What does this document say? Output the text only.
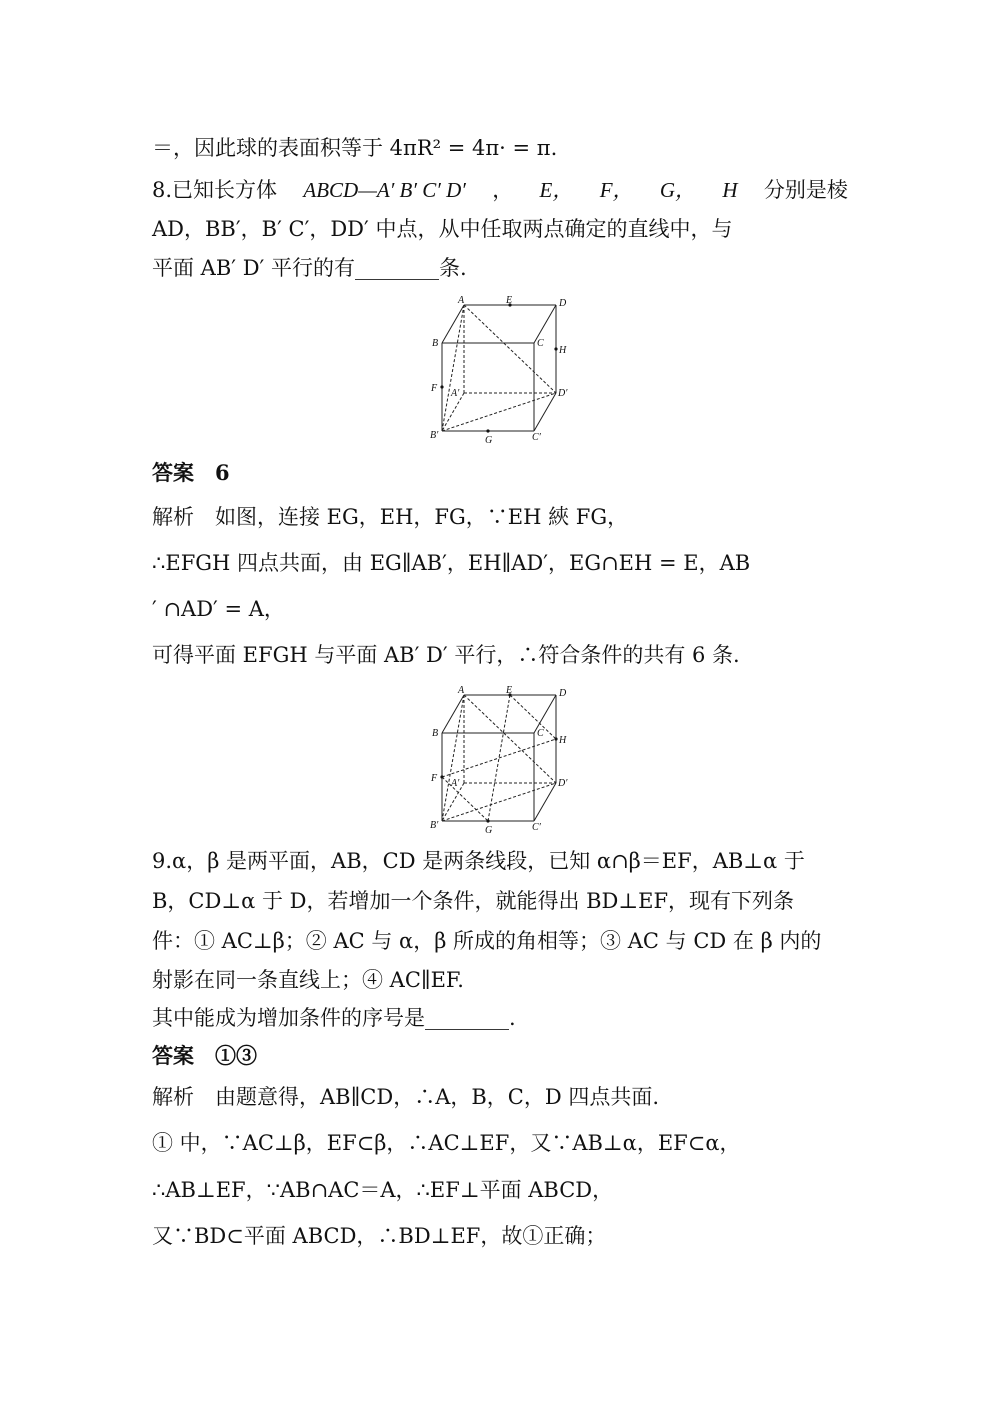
＝，因此球的表面积等于 4πR² = 4π· = π.
8.已知长方体 ABCD—A′ B′ C′ D′ ， E， F， G， H 分别是棱
AD，BB′，B′ C′，DD′ 中点，从中任取两点确定的直线中，与
平面 AB′ D′ 平行的有________条.
A	E	D
B	C
H
F A′	D′
B′	G	C′
答案　6
解析　如图，连接 EG，EH，FG，∵EH 綊 FG，
∴EFGH 四点共面，由 EG∥AB′，EH∥AD′，EG∩EH = E，AB
′ ∩AD′ = A，
可得平面 EFGH 与平面 AB′ D′ 平行，∴符合条件的共有 6 条.
A	E	D
B	C
H
F A′	D′
B′	G	C′
9.α，β 是两平面，AB，CD 是两条线段，已知 α∩β＝EF，AB⊥α 于
B，CD⊥α 于 D，若增加一个条件，就能得出 BD⊥EF，现有下列条
件：① AC⊥β；② AC 与 α，β 所成的角相等；③ AC 与 CD 在 β 内的
射影在同一条直线上；④ AC∥EF.
其中能成为增加条件的序号是________.
答案　①③
解析　由题意得，AB∥CD，∴A，B，C，D 四点共面.
① 中，∵AC⊥β，EF⊂β，∴AC⊥EF，又∵AB⊥α，EF⊂α，
∴AB⊥EF，∵AB∩AC＝A，∴EF⊥平面 ABCD，
又∵BD⊂平面 ABCD，∴BD⊥EF，故①正确；
